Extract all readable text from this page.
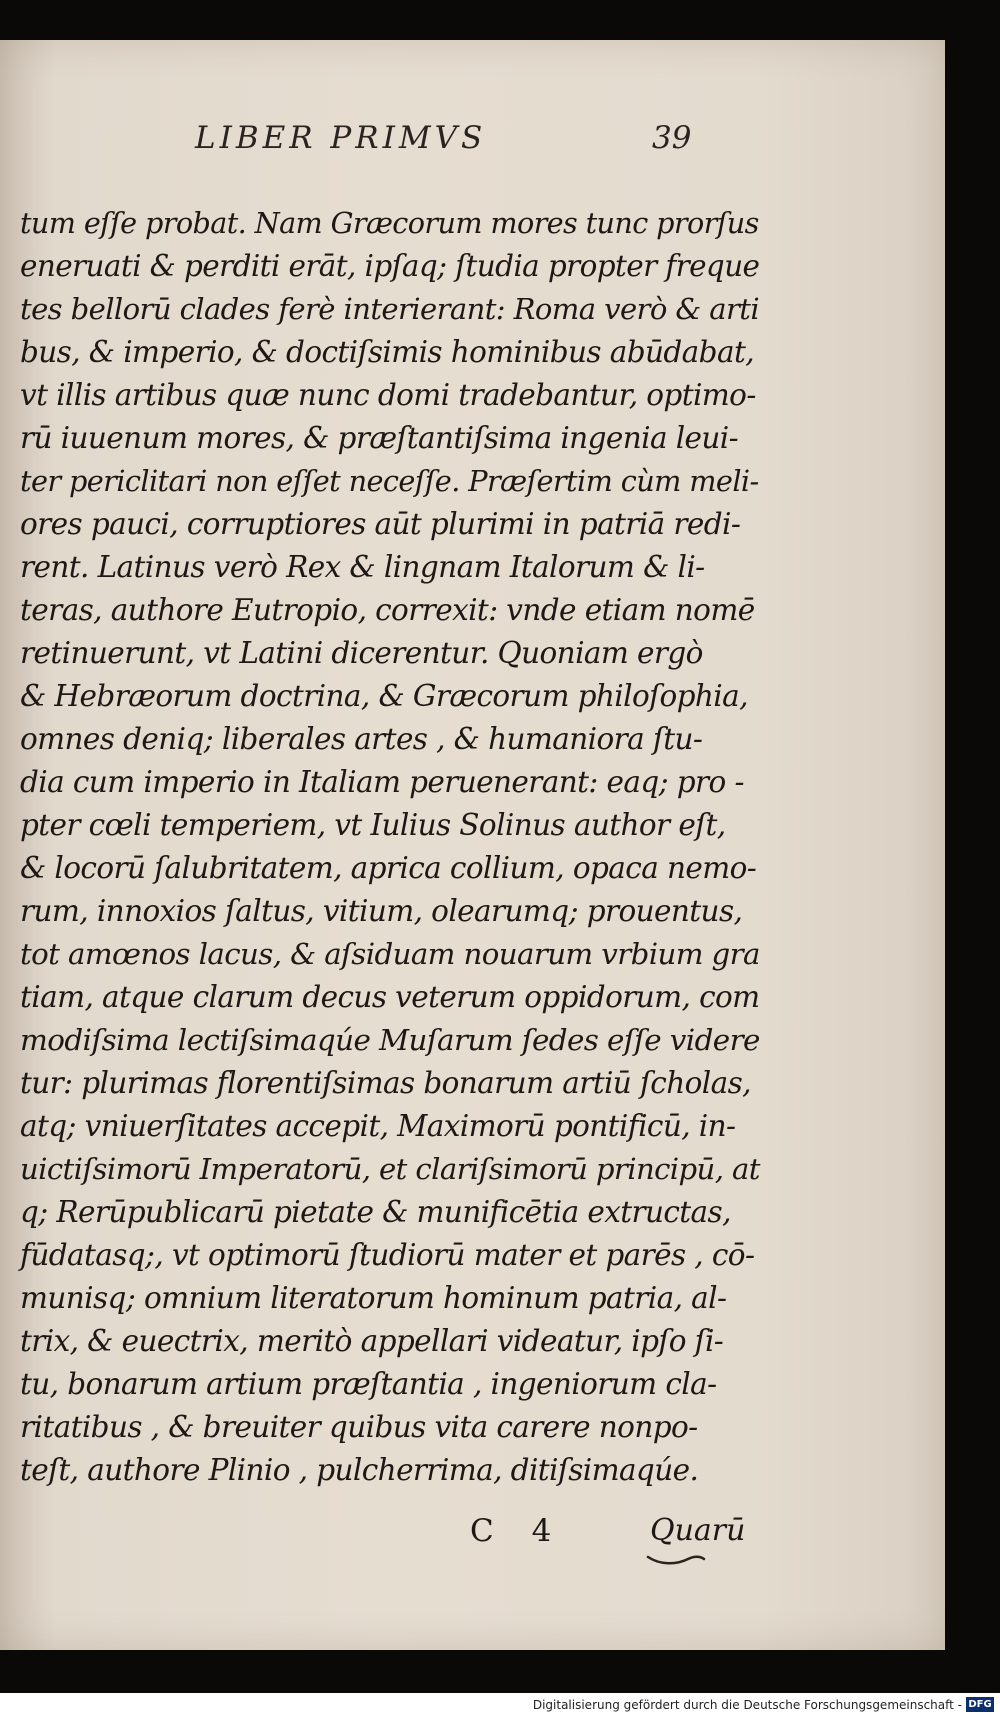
LIBER PRIMVS	39
tum eſſe probat. Nam Græcorum mores tunc prorſus
eneruati & perditi erāt, ipſaq; ſtudia propter freque
tes bellorū clades ferè interierant: Roma verò & arti
bus, & imperio, & doctiſsimis hominibus abūdabat,
vt illis artibus quæ nunc domi tradebantur, optimo-
rū iuuenum mores, & præſtantiſsima ingenia leui-
ter periclitari non eſſet neceſſe. Præſertim cùm meli-
ores pauci, corruptiores aūt plurimi in patriā redi-
rent. Latinus verò Rex & lingnam Italorum & li-
teras, authore Eutropio, correxit: vnde etiam nomē
retinuerunt, vt Latini dicerentur. Quoniam ergò
& Hebræorum doctrina, & Græcorum philoſophia,
omnes deniq; liberales artes , & humaniora ſtu-
dia cum imperio in Italiam peruenerant: eaq; pro -
pter cœli temperiem, vt Iulius Solinus author eſt,
& locorū ſalubritatem, aprica collium, opaca nemo-
rum, innoxios ſaltus, vitium, olearumq; prouentus,
tot amœnos lacus, & aſsiduam nouarum vrbium gra
tiam, atque clarum decus veterum oppidorum, com
modiſsima lectiſsimaqúe Muſarum ſedes eſſe videre
tur: plurimas florentiſsimas bonarum artiū ſcholas,
atq; vniuerſitates accepit, Maximorū pontificū, in-
uictiſsimorū Imperatorū, et clariſsimorū principū, at
q; Rerūpublicarū pietate & munificētia extructas,
fūdatasq;, vt optimorū ſtudiorū mater et parēs , cō-
munisq; omnium literatorum hominum patria, al-
trix, & euectrix, meritò appellari videatur, ipſo ſi-
tu, bonarum artium præſtantia , ingeniorum cla-
ritatibus , & breuiter quibus vita carere nonpo-
teſt, authore Plinio , pulcherrima, ditiſsimaqúe.
C 4	Quarū
Digitalisierung gefördert durch die Deutsche Forschungsgemeinschaft - DFG
